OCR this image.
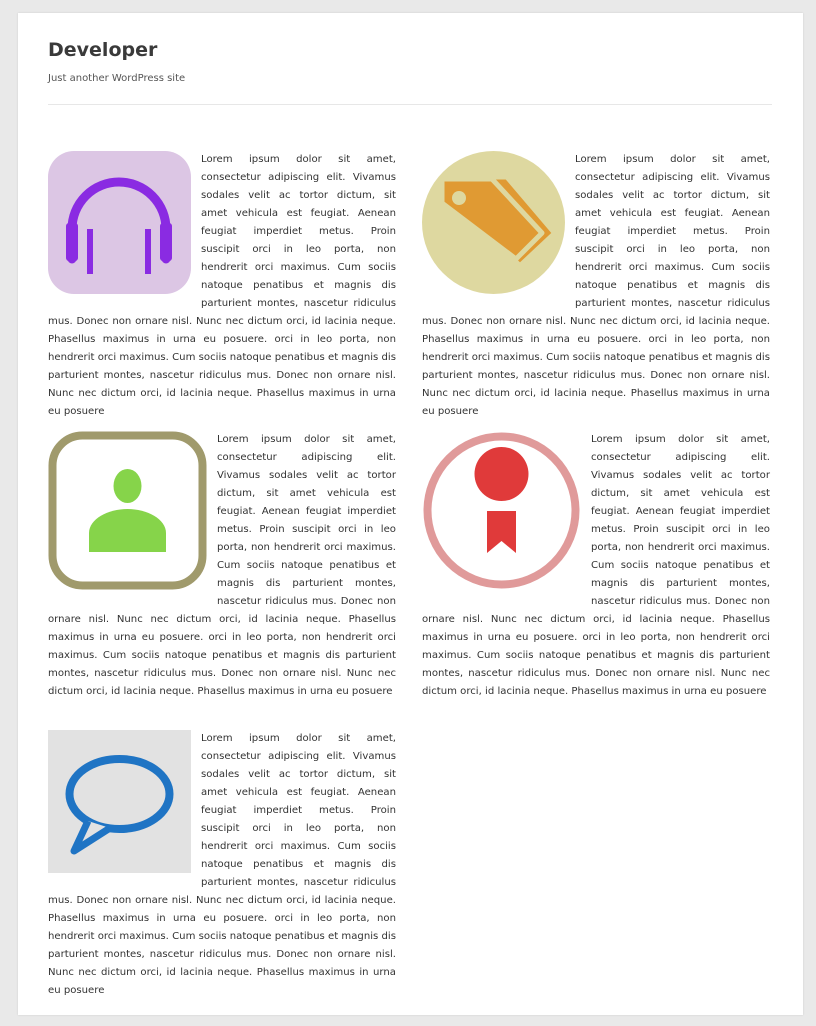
Developer

Just another WordPress site

Lorem ipsum dolor sit amet, consectetur adipiscing elit. Vivamus sodales velit ac tortor dictum, sit amet vehicula est feugiat. Aenean feugiat imperdiet metus. Proin suscipit orci in leo porta, non hendrerit orci maximus. Cum sociis natoque penatibus et magnis dis parturient montes, nascetur ridiculus mus. Donec non ornare nisl. Nunc nec dictum orci, id lacinia neque. Phasellus maximus in urna eu posuere. orci in leo porta, non hendrerit orci maximus. Cum sociis natoque penatibus et magnis dis parturient montes, nascetur ridiculus mus. Donec non ornare nisl. Nunc nec dictum orci, id lacinia neque. Phasellus maximus in urna eu posuere

Lorem ipsum dolor sit amet, consectetur adipiscing elit. Vivamus sodales velit ac tortor dictum, sit amet vehicula est feugiat. Aenean feugiat imperdiet metus. Proin suscipit orci in leo porta, non hendrerit orci maximus. Cum sociis natoque penatibus et magnis dis parturient montes, nascetur ridiculus mus. Donec non ornare nisl. Nunc nec dictum orci, id lacinia neque. Phasellus maximus in urna eu posuere. orci in leo porta, non hendrerit orci maximus. Cum sociis natoque penatibus et magnis dis parturient montes, nascetur ridiculus mus. Donec non ornare nisl. Nunc nec dictum orci, id lacinia neque. Phasellus maximus in urna eu posuere

Lorem ipsum dolor sit amet, consectetur adipiscing elit. Vivamus sodales velit ac tortor dictum, sit amet vehicula est feugiat. Aenean feugiat imperdiet metus. Proin suscipit orci in leo porta, non hendrerit orci maximus. Cum sociis natoque penatibus et magnis dis parturient montes, nascetur ridiculus mus. Donec non ornare nisl. Nunc nec dictum orci, id lacinia neque. Phasellus maximus in urna eu posuere. orci in leo porta, non hendrerit orci maximus. Cum sociis natoque penatibus et magnis dis parturient montes, nascetur ridiculus mus. Donec non ornare nisl. Nunc nec dictum orci, id lacinia neque. Phasellus maximus in urna eu posuere

Lorem ipsum dolor sit amet, consectetur adipiscing elit. Vivamus sodales velit ac tortor dictum, sit amet vehicula est feugiat. Aenean feugiat imperdiet metus. Proin suscipit orci in leo porta, non hendrerit orci maximus. Cum sociis natoque penatibus et magnis dis parturient montes, nascetur ridiculus mus. Donec non ornare nisl. Nunc nec dictum orci, id lacinia neque. Phasellus maximus in urna eu posuere. orci in leo porta, non hendrerit orci maximus. Cum sociis natoque penatibus et magnis dis parturient montes, nascetur ridiculus mus. Donec non ornare nisl. Nunc nec dictum orci, id lacinia neque. Phasellus maximus in urna eu posuere

Lorem ipsum dolor sit amet, consectetur adipiscing elit. Vivamus sodales velit ac tortor dictum, sit amet vehicula est feugiat. Aenean feugiat imperdiet metus. Proin suscipit orci in leo porta, non hendrerit orci maximus. Cum sociis natoque penatibus et magnis dis parturient montes, nascetur ridiculus mus. Donec non ornare nisl. Nunc nec dictum orci, id lacinia neque. Phasellus maximus in urna eu posuere. orci in leo porta, non hendrerit orci maximus. Cum sociis natoque penatibus et magnis dis parturient montes, nascetur ridiculus mus. Donec non ornare nisl. Nunc nec dictum orci, id lacinia neque. Phasellus maximus in urna eu posuere
